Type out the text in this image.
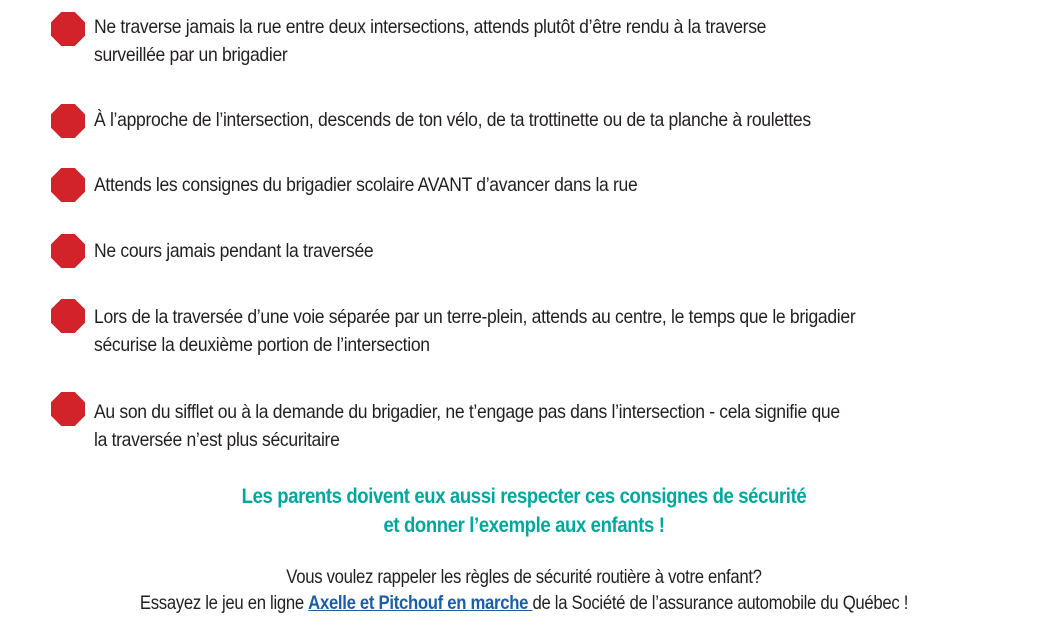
Ne traverse jamais la rue entre deux intersections, attends plutôt d’être rendu à la traverse
surveillée par un brigadier
À l’approche de l’intersection, descends de ton vélo, de ta trottinette ou de ta planche à roulettes
Attends les consignes du brigadier scolaire AVANT d’avancer dans la rue
Ne cours jamais pendant la traversée
Lors de la traversée d’une voie séparée par un terre-plein, attends au centre, le temps que le brigadier
sécurise la deuxième portion de l’intersection
Au son du sifflet ou à la demande du brigadier, ne t’engage pas dans l’intersection - cela signifie que
la traversée n’est plus sécuritaire
Les parents doivent eux aussi respecter ces consignes de sécurité
et donner l’exemple aux enfants !
Vous voulez rappeler les règles de sécurité routière à votre enfant?
Essayez le jeu en ligne Axelle et Pitchouf en marche de la Société de l’assurance automobile du Québec !
